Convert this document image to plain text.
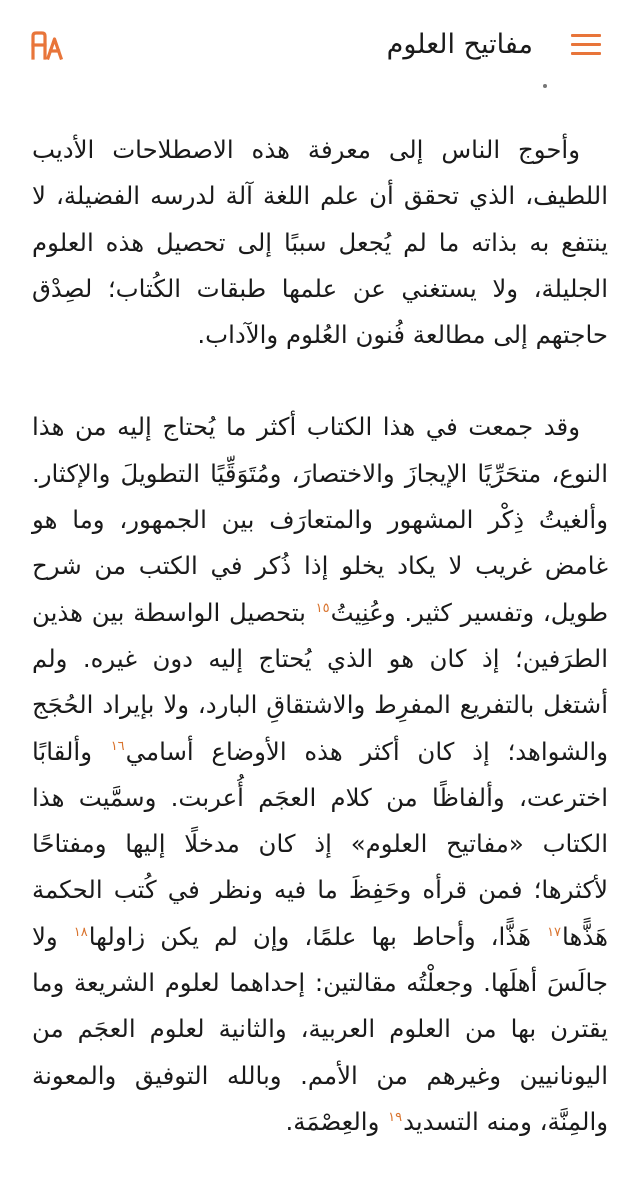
مفاتيح العلوم

وأحوج الناس إلى معرفة هذه الاصطلاحات الأديب اللطيف، الذي تحقق أن علم اللغة آلة لدرسه الفضيلة، لا ينتفع به بذاته ما لم يُجعل سببًا إلى تحصيل هذه العلوم الجليلة، ولا يستغني عن علمها طبقات الكُتاب؛ لصِدْق حاجتهم إلى مطالعة فُنون العُلوم والآداب.

وقد جمعت في هذا الكتاب أكثر ما يُحتاج إليه من هذا النوع، متحَرِّيًا الإيجازَ والاختصارَ، ومُتَوَقِّيًا التطويلَ والإكثار. وألغيتُ ذِكْر المشهور والمتعارَف بين الجمهور، وما هو غامض غريب لا يكاد يخلو إذا ذُكر في الكتب من شرح طويل، وتفسير كثير. وعُنِيتُ$^{١٥}$ بتحصيل الواسطة بين هذين الطرَفين؛ إذ كان هو الذي يُحتاج إليه دون غيره. ولم أشتغل بالتفريع المفرِط والاشتقاقِ البارد، ولا بإيراد الحُجَج والشواهد؛ إذ كان أكثر هذه الأوضاع أسامي$^{١٦}$ وألقابًا اخترعت، وألفاظًا من كلام العجَم أُعربت. وسمَّيت هذا الكتاب «مفاتيح العلوم» إذ كان مدخلًا إليها ومفتاحًا لأكثرها؛ فمن قرأه وحَفِظَ ما فيه ونظر في كُتب الحكمة هَذًّها$^{١٧}$ هَذًّا، وأحاط بها علمًا، وإن لم يكن زاولها$^{١٨}$ ولا جالَسَ أهلَها. وجعلْتُه مقالتين: إحداهما لعلوم الشريعة وما يقترن بها من العلوم العربية، والثانية لعلوم العجَم من اليونانيين وغيرهم من الأمم. وبالله التوفيق والمعونة والمِنَّة، ومنه التسديد$^{١٩}$ والعِصْمَة.
